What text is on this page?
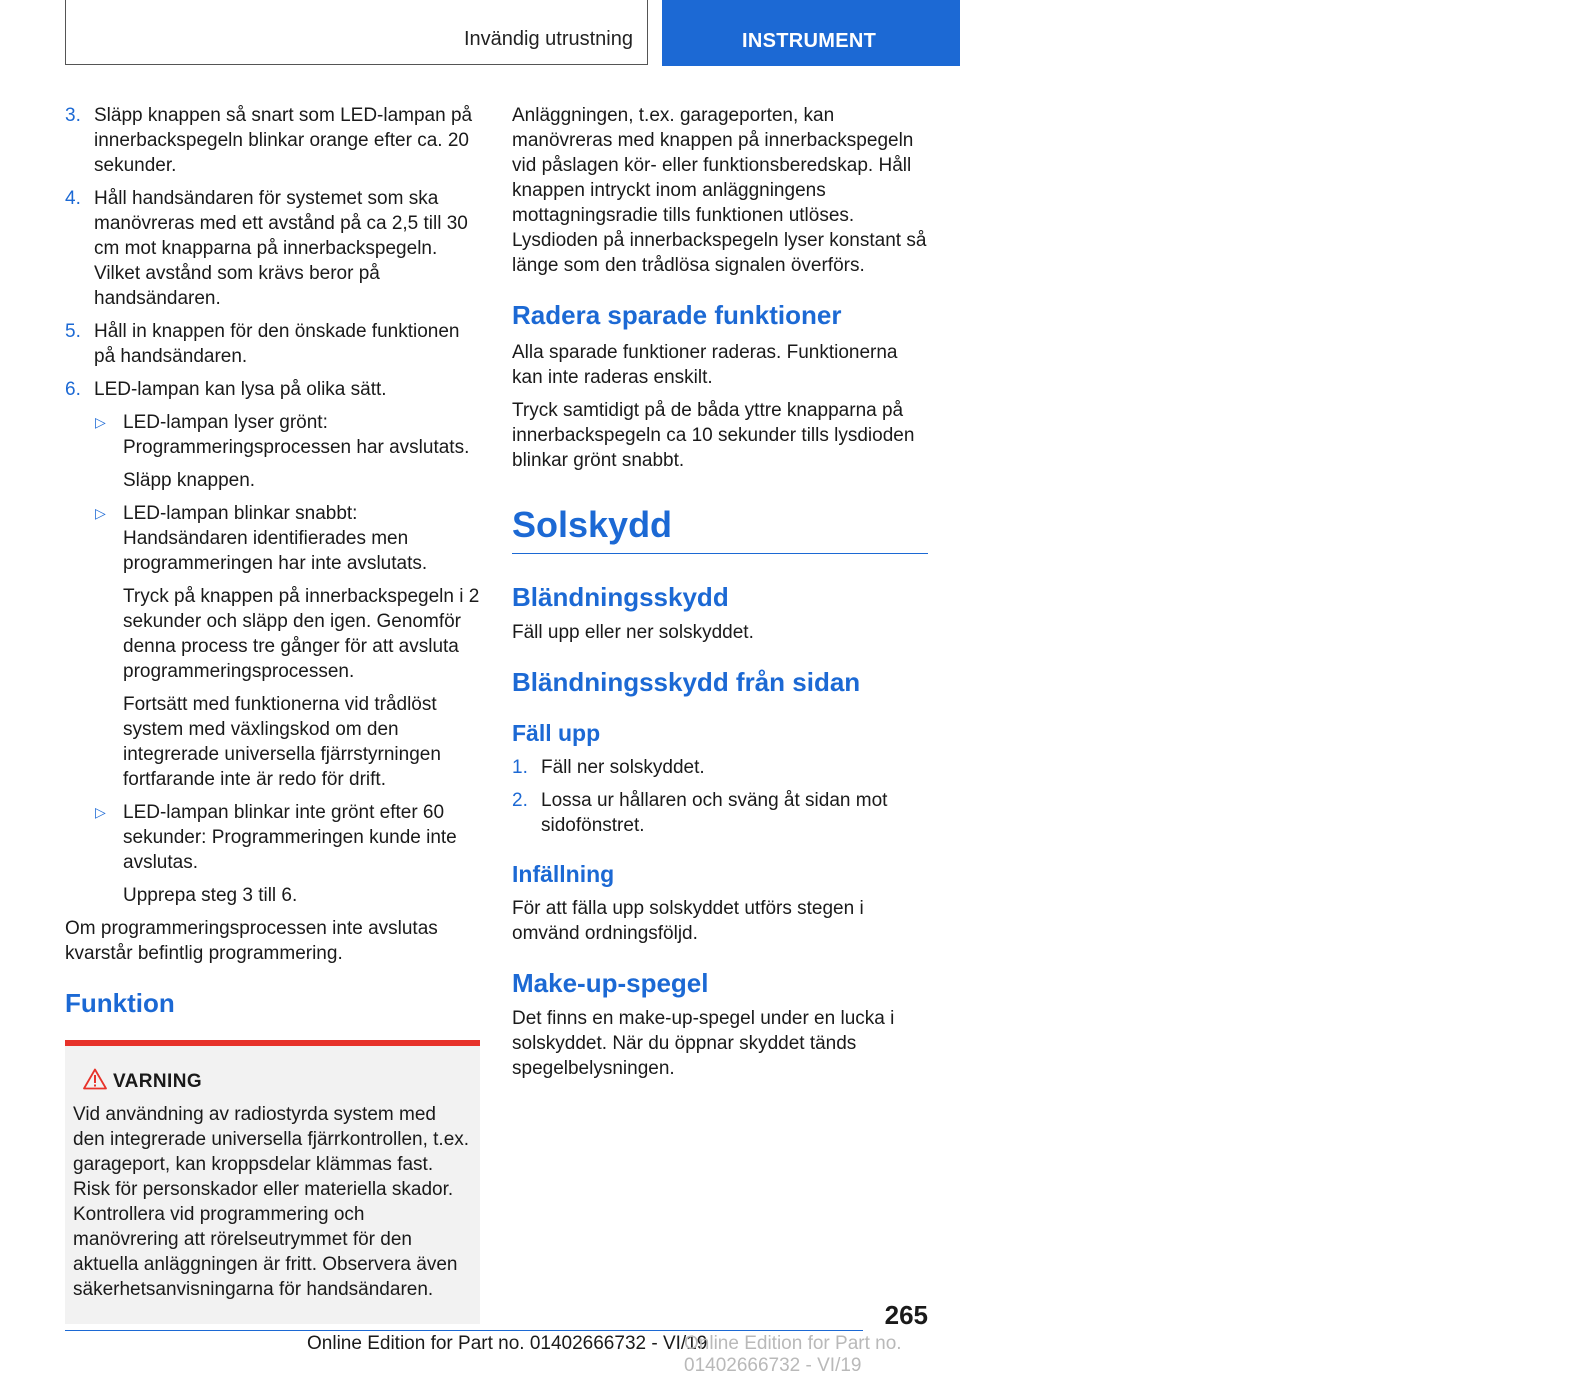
Invändig utrustning	INSTRUMENT
3. Släpp knappen så snart som LED-lampan på innerbackspegeln blinkar orange efter ca. 20 sekunder.
4. Håll handsändaren för systemet som ska manövreras med ett avstånd på ca 2,5 till 30 cm mot knapparna på innerbackspegeln. Vilket avstånd som krävs beror på handsändaren.
5. Håll in knappen för den önskade funktionen på handsändaren.
6. LED-lampan kan lysa på olika sätt.
▷ LED-lampan lyser grönt: Programmeringsprocessen har avslutats.
Släpp knappen.
▷ LED-lampan blinkar snabbt: Handsändaren identifierades men programmeringen har inte avslutats.
Tryck på knappen på innerbackspegeln i 2 sekunder och släpp den igen. Genomför denna process tre gånger för att avsluta programmeringsprocessen.
Fortsätt med funktionerna vid trådlöst system med växlingskod om den integrerade universella fjärrstyrningen fortfarande inte är redo för drift.
▷ LED-lampan blinkar inte grönt efter 60 sekunder: Programmeringen kunde inte avslutas.
Upprepa steg 3 till 6.
Om programmeringsprocessen inte avslutas kvarstår befintlig programmering.
Funktion
VARNING
Vid användning av radiostyrda system med den integrerade universella fjärrkontrollen, t.ex. garageport, kan kroppsdelar klämmas fast. Risk för personskador eller materiella skador. Kontrollera vid programmering och manövrering att rörelseutrymmet för den aktuella anläggningen är fritt. Observera även säkerhetsanvisningarna för handsändaren.
Anläggningen, t.ex. garageporten, kan manövreras med knappen på innerbackspegeln vid påslagen kör- eller funktionsberedskap. Håll knappen intryckt inom anläggningens mottagningsradie tills funktionen utlöses. Lysdioden på innerbackspegeln lyser konstant så länge som den trådlösa signalen överförs.
Radera sparade funktioner
Alla sparade funktioner raderas. Funktionerna kan inte raderas enskilt.
Tryck samtidigt på de båda yttre knapparna på innerbackspegeln ca 10 sekunder tills lysdioden blinkar grönt snabbt.
Solskydd
Bländningsskydd
Fäll upp eller ner solskyddet.
Bländningsskydd från sidan
Fäll upp
1. Fäll ner solskyddet.
2. Lossa ur hållaren och sväng åt sidan mot sidofönstret.
Infällning
För att fälla upp solskyddet utförs stegen i omvänd ordningsföljd.
Make-up-spegel
Det finns en make-up-spegel under en lucka i solskyddet. När du öppnar skyddet tänds spegelbelysningen.
265
Online Edition for Part no. 01402666732 - VI/19
Online Edition for Part no. 01402666732 - VI/19
